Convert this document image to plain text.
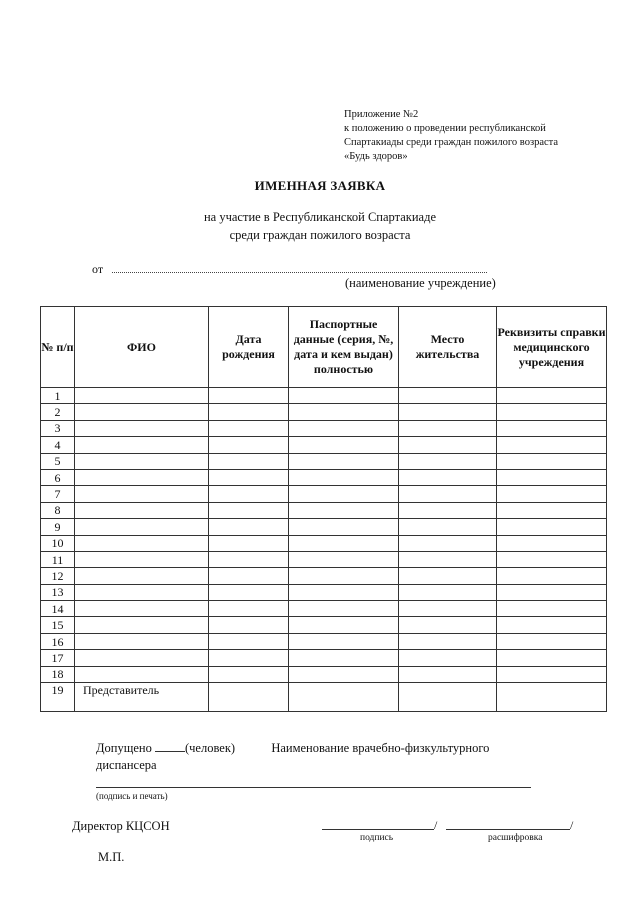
Приложение №2
к положению о проведении республиканской
Спартакиады среди граждан пожилого возраста
«Будь здоров»
ИМЕННАЯ ЗАЯВКА
на участие в Республиканской Спартакиаде
среди граждан пожилого возраста
от
(наименование учреждение)
№ п/п	ФИО	Дата рождения	Паспортные данные (серия, №, дата и кем выдан) полностью	Место жительства	Реквизиты справки медицинского учреждения
1					
2					
3					
4					
5					
6					
7					
8					
9					
10					
11					
12					
13					
14					
15					
16					
17					
18					
19	Представитель				
Допущено	(человек)	Наименование врачебно-физкультурного
диспансера
(подпись и печать)
Директор КЦСОН	/	/
подпись	расшифровка
М.П.
